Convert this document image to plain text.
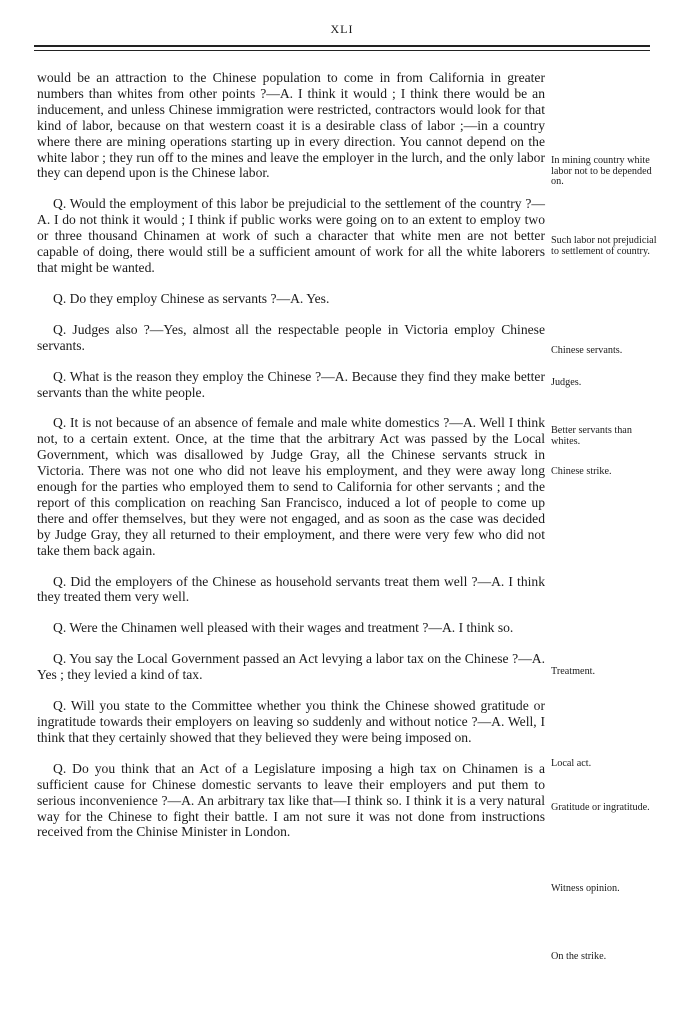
XLI

would be an attraction to the Chinese population to come in from California in greater numbers than whites from other points ?—A. I think it would ; I think there would be an inducement, and unless Chinese immigration were restricted, contractors would look for that kind of labor, because on that western coast it is a desirable class of labor ;—in a country where there are mining operations starting up in every direction. You cannot depend on the white labor ; they run off to the mines and leave the employer in the lurch, and the only labor they can depend upon is the Chinese labor.

Q. Would the employment of this labor be prejudicial to the settlement of the country ?—A. I do not think it would ; I think if public works were going on to an extent to employ two or three thousand Chinamen at work of such a character that white men are not better capable of doing, there would still be a sufficient amount of work for all the white laborers that might be wanted.

Q. Do they employ Chinese as servants ?—A. Yes.

Q. Judges also ?—Yes, almost all the respectable people in Victoria employ Chinese servants.

Q. What is the reason they employ the Chinese ?—A. Because they find they make better servants than the white people.

Q. It is not because of an absence of female and male white domestics ?—A. Well I think not, to a certain extent. Once, at the time that the arbitrary Act was passed by the Local Government, which was disallowed by Judge Gray, all the Chinese servants struck in Victoria. There was not one who did not leave his employment, and they were away long enough for the parties who employed them to send to California for other servants ; and the report of this complication on reaching San Francisco, induced a lot of people to come up there and offer themselves, but they were not engaged, and as soon as the case was decided by Judge Gray, they all returned to their employment, and there were very few who did not take them back again.

Q. Did the employers of the Chinese as household servants treat them well ?—A. I think they treated them very well.

Q. Were the Chinamen well pleased with their wages and treatment ?—A. I think so.

Q. You say the Local Government passed an Act levying a labor tax on the Chinese ?—A. Yes ; they levied a kind of tax.

Q. Will you state to the Committee whether you think the Chinese showed gratitude or ingratitude towards their employers on leaving so suddenly and without notice ?—A. Well, I think that they certainly showed that they believed they were being imposed on.

Q. Do you think that an Act of a Legislature imposing a high tax on Chinamen is a sufficient cause for Chinese domestic servants to leave their employers and put them to serious inconvenience ?—A. An arbitrary tax like that—I think so. I think it is a very natural way for the Chinese to fight their battle. I am not sure it was not done from instructions received from the Chinise Minister in London.

In mining country white labor not to be depended on.
Such labor not prejudicial to settlement of country.
Chinese servants.
Judges.
Better servants than whites.
Chinese strike.
Treatment.
Local act.
Gratitude or ingratitude.
Witness opinion.
On the strike.
